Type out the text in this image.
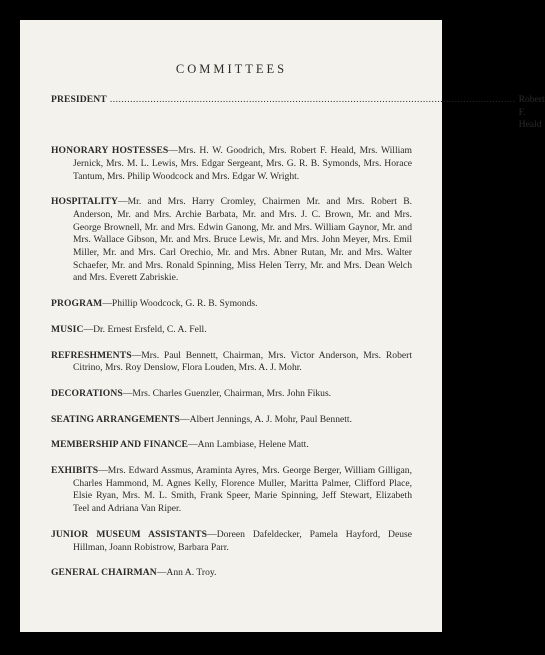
COMMITTEES
PRESIDENT ............................................................................................................................................ Robert F. Heald
HONORARY HOSTESSES—Mrs. H. W. Goodrich, Mrs. Robert F. Heald, Mrs. William Jernick, Mrs. M. L. Lewis, Mrs. Edgar Sergeant, Mrs. G. R. B. Symonds, Mrs. Horace Tantum, Mrs. Philip Woodcock and Mrs. Edgar W. Wright.
HOSPITALITY—Mr. and Mrs. Harry Cromley, Chairmen Mr. and Mrs. Robert B. Anderson, Mr. and Mrs. Archie Barbata, Mr. and Mrs. J. C. Brown, Mr. and Mrs. George Brownell, Mr. and Mrs. Edwin Ganong, Mr. and Mrs. William Gaynor, Mr. and Mrs. Wallace Gibson, Mr. and Mrs. Bruce Lewis, Mr. and Mrs. John Meyer, Mrs. Emil Miller, Mr. and Mrs. Carl Orechio, Mr. and Mrs. Abner Rutan, Mr. and Mrs. Walter Schaefer, Mr. and Mrs. Ronald Spinning, Miss Helen Terry, Mr. and Mrs. Dean Welch and Mrs. Everett Zabriskie.
PROGRAM—Phillip Woodcock, G. R. B. Symonds.
MUSIC—Dr. Ernest Ersfeld, C. A. Fell.
REFRESHMENTS—Mrs. Paul Bennett, Chairman, Mrs. Victor Anderson, Mrs. Robert Citrino, Mrs. Roy Denslow, Flora Louden, Mrs. A. J. Mohr.
DECORATIONS—Mrs. Charles Guenzler, Chairman, Mrs. John Fikus.
SEATING ARRANGEMENTS—Albert Jennings, A. J. Mohr, Paul Bennett.
MEMBERSHIP AND FINANCE—Ann Lambiase, Helene Matt.
EXHIBITS—Mrs. Edward Assmus, Araminta Ayres, Mrs. George Berger, William Gilligan, Charles Hammond, M. Agnes Kelly, Florence Muller, Maritta Palmer, Clifford Place, Elsie Ryan, Mrs. M. L. Smith, Frank Speer, Marie Spinning, Jeff Stewart, Elizabeth Teel and Adriana Van Riper.
JUNIOR MUSEUM ASSISTANTS—Doreen Dafeldecker, Pamela Hayford, Deuse Hillman, Joann Robistrow, Barbara Parr.
GENERAL CHAIRMAN—Ann A. Troy.
